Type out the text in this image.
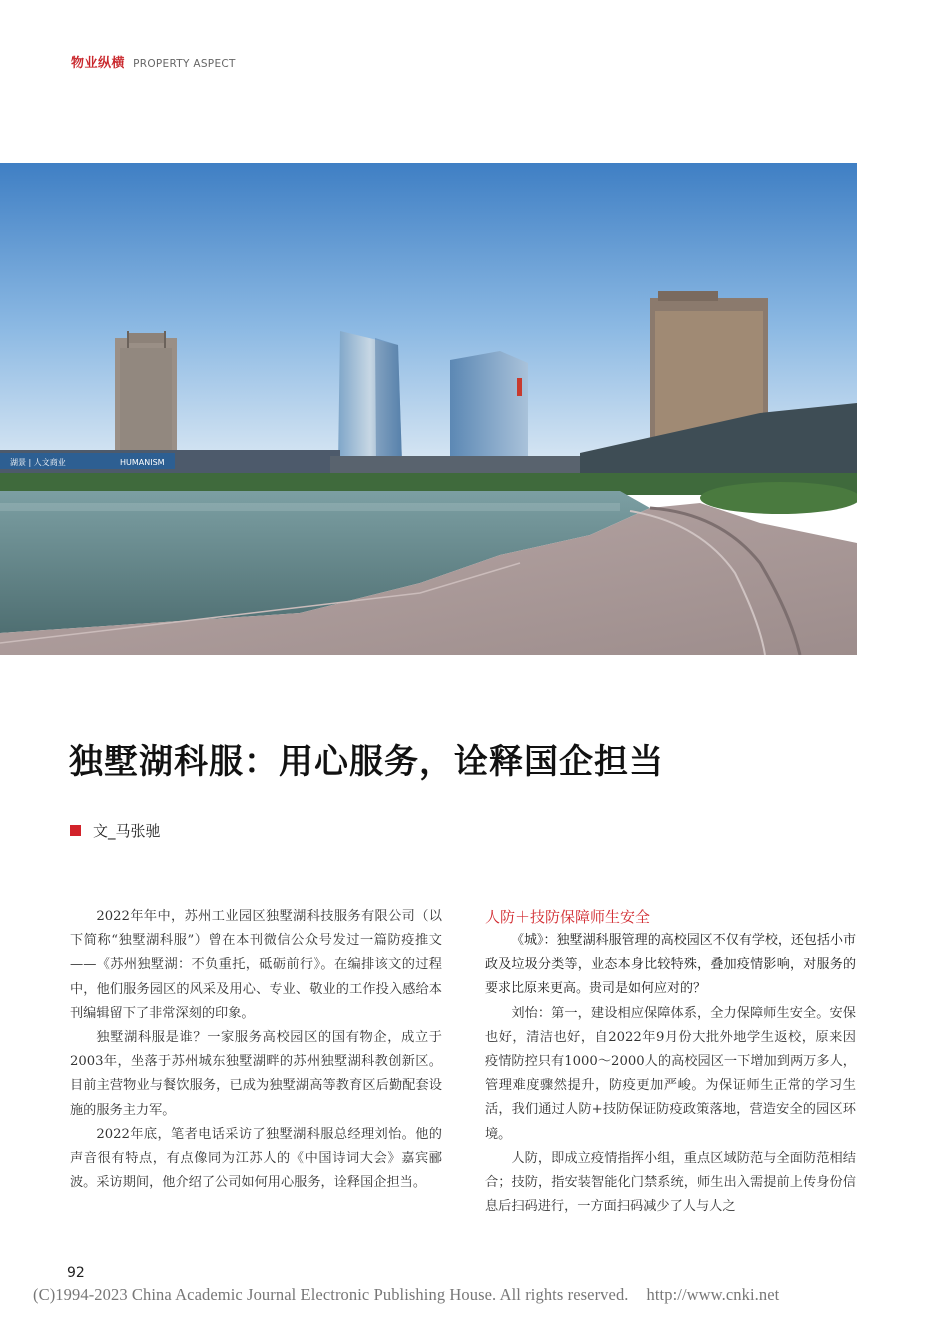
物业纵横 PROPERTY ASPECT
湖景 | 人文商业	HUMANISM
独墅湖科服：用心服务，诠释国企担当
文_马张驰

2022年年中，苏州工业园区独墅湖科技服务有限公司（以下简称“独墅湖科服”）曾在本刊微信公众号发过一篇防疫推文——《苏州独墅湖：不负重托，砥砺前行》。在编排该文的过程中，他们服务园区的风采及用心、专业、敬业的工作投入感给本刊编辑留下了非常深刻的印象。

独墅湖科服是谁？一家服务高校园区的国有物企，成立于2003年，坐落于苏州城东独墅湖畔的苏州独墅湖科教创新区。目前主营物业与餐饮服务，已成为独墅湖高等教育区后勤配套设施的服务主力军。

2022年底，笔者电话采访了独墅湖科服总经理刘怡。他的声音很有特点，有点像同为江苏人的《中国诗词大会》嘉宾郦波。采访期间，他介绍了公司如何用心服务，诠释国企担当。

人防＋技防保障师生安全

《城》：独墅湖科服管理的高校园区不仅有学校，还包括小市政及垃圾分类等，业态本身比较特殊，叠加疫情影响，对服务的要求比原来更高。贵司是如何应对的？

刘怡：第一，建设相应保障体系，全力保障师生安全。安保也好，清洁也好，自2022年9月份大批外地学生返校，原来因疫情防控只有1000～2000人的高校园区一下增加到两万多人，管理难度骤然提升，防疫更加严峻。为保证师生正常的学习生活，我们通过人防+技防保证防疫政策落地，营造安全的园区环境。

人防，即成立疫情指挥小组，重点区域防范与全面防范相结合；技防，指安装智能化门禁系统，师生出入需提前上传身份信息后扫码进行，一方面扫码减少了人与人之

92
(C)1994-2023 China Academic Journal Electronic Publishing House. All rights reserved. http://www.cnki.net
